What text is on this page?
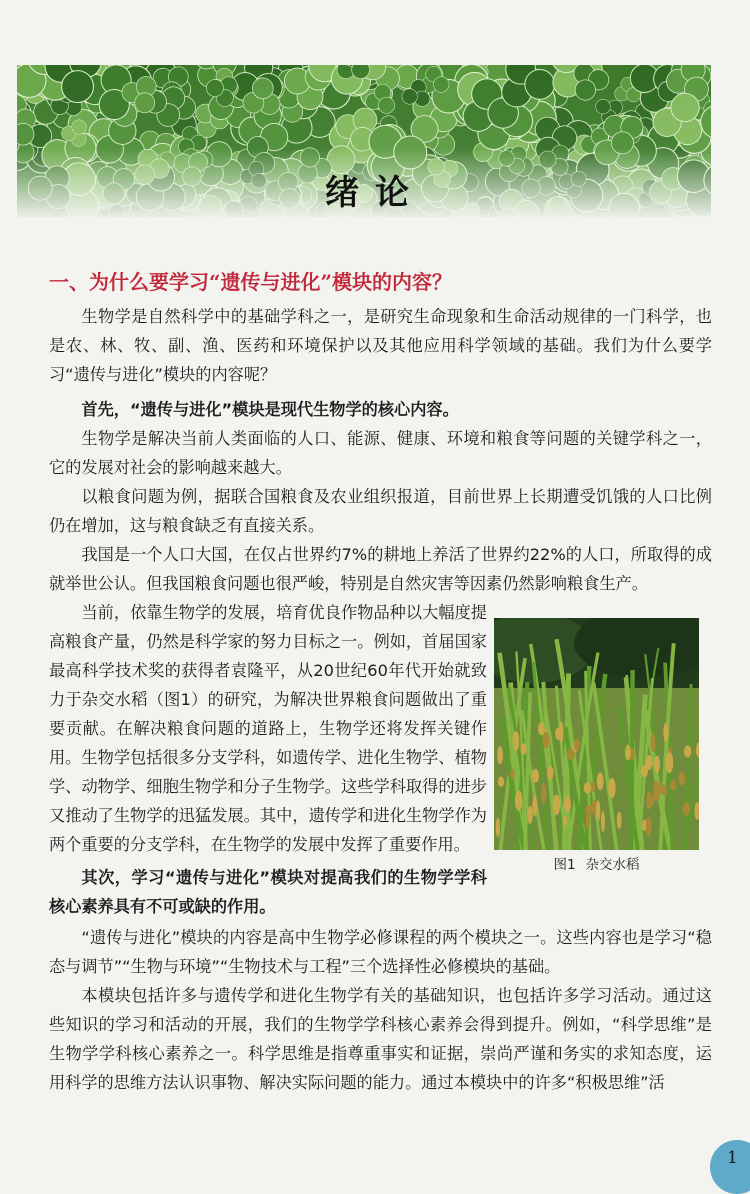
绪论
一、为什么要学习“遗传与进化”模块的内容？

生物学是自然科学中的基础学科之一，是研究生命现象和生命活动规律的一门科学，也是农、林、牧、副、渔、医药和环境保护以及其他应用科学领域的基础。我们为什么要学习“遗传与进化”模块的内容呢？

首先，“遗传与进化”模块是现代生物学的核心内容。

生物学是解决当前人类面临的人口、能源、健康、环境和粮食等问题的关键学科之一，它的发展对社会的影响越来越大。

以粮食问题为例，据联合国粮食及农业组织报道，目前世界上长期遭受饥饿的人口比例仍在增加，这与粮食缺乏有直接关系。

我国是一个人口大国，在仅占世界约7%的耕地上养活了世界约22%的人口，所取得的成就举世公认。但我国粮食问题也很严峻，特别是自然灾害等因素仍然影响粮食生产。

当前，依靠生物学的发展，培育优良作物品种以大幅度提高粮食产量，仍然是科学家的努力目标之一。例如，首届国家最高科学技术奖的获得者袁隆平，从20世纪60年代开始就致力于杂交水稻（图1）的研究，为解决世界粮食问题做出了重要贡献。在解决粮食问题的道路上，生物学还将发挥关键作用。 生物学包括很多分支学科，如遗传学、进化生物学、植物学、动物学、细胞生物学和分子生物学。这些学科取得的进步又推动了生物学的迅猛发展。其中，遗传学和进化生物学作为两个重要的分支学科，在生物学的发展中发挥了重要作用。

其次，学习“遗传与进化”模块对提高我们的生物学学科核心素养具有不可或缺的作用。

“遗传与进化”模块的内容是高中生物学必修课程的两个模块之一。这些内容也是学习“稳态与调节”“生物与环境”“生物技术与工程”三个选择性必修模块的基础。

本模块包括许多与遗传学和进化生物学有关的基础知识，也包括许多学习活动。通过这些知识的学习和活动的开展，我们的生物学学科核心素养会得到提升。例如，“科学思维”是生物学学科核心素养之一。科学思维是指尊重事实和证据，崇尚严谨和务实的求知态度，运用科学的思维方法认识事物、解决实际问题的能力。通过本模块中的许多“积极思维”活

图1 杂交水稻
1
